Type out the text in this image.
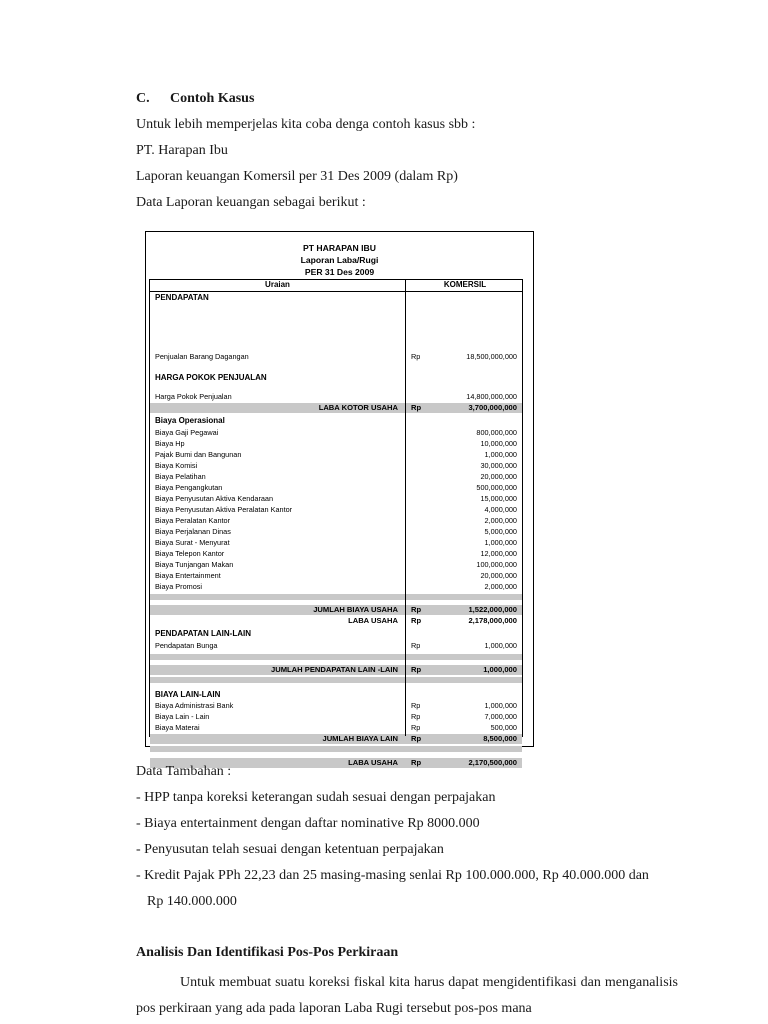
C. Contoh Kasus
Untuk lebih memperjelas kita coba denga contoh kasus sbb :
PT. Harapan Ibu
Laporan keuangan Komersil per 31 Des 2009 (dalam Rp)
Data Laporan keuangan sebagai berikut :
PT HARAPAN IBU
Laporan Laba/Rugi
PER 31 Des 2009
Uraian	KOMERSIL
PENDAPATAN
Penjualan Barang Dagangan	Rp	18,500,000,000
HARGA POKOK PENJUALAN
Harga Pokok Penjualan	14,800,000,000
LABA KOTOR USAHA Rp	3,700,000,000
Biaya Operasional
Biaya Gaji Pegawai	800,000,000
Biaya Hp	10,000,000
Pajak Bumi dan Bangunan	1,000,000
Biaya Komisi	30,000,000
Biaya Pelatihan	20,000,000
Biaya Pengangkutan	500,000,000
Biaya Penyusutan Aktiva Kendaraan	15,000,000
Biaya Penyusutan Aktiva Peralatan Kantor	4,000,000
Biaya Peralatan Kantor	2,000,000
Biaya Perjalanan Dinas	5,000,000
Biaya Surat - Menyurat	1,000,000
Biaya Telepon Kantor	12,000,000
Biaya Tunjangan Makan	100,000,000
Biaya Entertainment	20,000,000
Biaya Promosi	2,000,000
JUMLAH BIAYA USAHA Rp	1,522,000,000
LABA USAHA Rp	2,178,000,000
PENDAPATAN LAIN-LAIN
Pendapatan Bunga	Rp	1,000,000
JUMLAH PENDAPATAN LAIN -LAIN Rp	1,000,000
BIAYA LAIN-LAIN
Biaya Administrasi Bank	Rp	1,000,000
Biaya Lain - Lain	Rp	7,000,000
Biaya Materai	Rp	500,000
JUMLAH BIAYA LAIN Rp	8,500,000
LABA USAHA Rp	2,170,500,000
Data Tambahan :
- HPP tanpa koreksi keterangan sudah sesuai dengan perpajakan
- Biaya entertainment dengan daftar nominative Rp 8000.000
- Penyusutan telah sesuai dengan ketentuan perpajakan
- Kredit Pajak PPh 22,23 dan 25 masing-masing senlai Rp 100.000.000, Rp 40.000.000 dan
Rp 140.000.000
Analisis Dan Identifikasi Pos-Pos Perkiraan
Untuk membuat suatu koreksi fiskal kita harus dapat mengidentifikasi dan menganalisis pos perkiraan yang ada pada laporan Laba Rugi tersebut pos-pos mana
